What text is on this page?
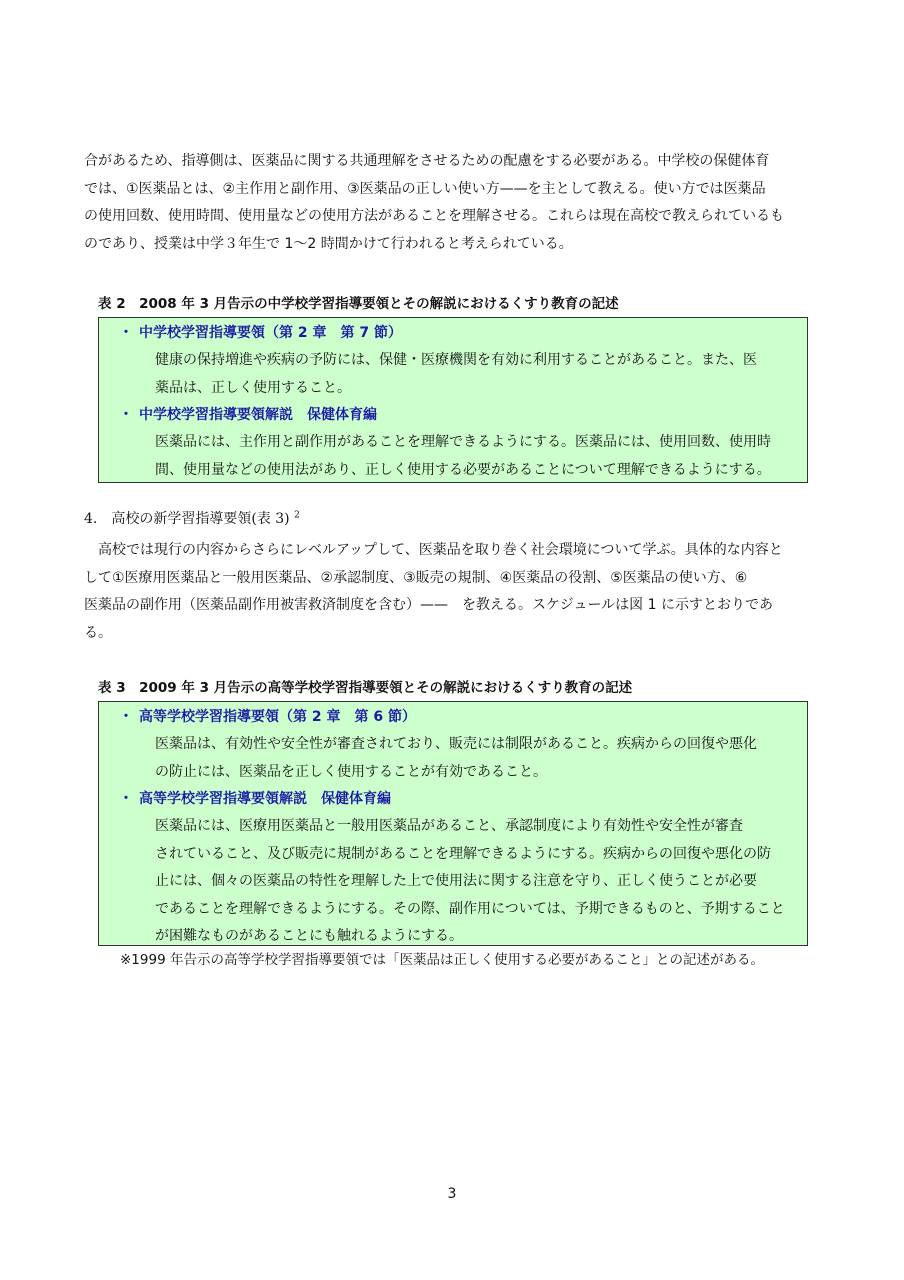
合があるため、指導側は、医薬品に関する共通理解をさせるための配慮をする必要がある。中学校の保健体育
では、①医薬品とは、②主作用と副作用、③医薬品の正しい使い方——を主として教える。使い方では医薬品
の使用回数、使用時間、使用量などの使用方法があることを理解させる。これらは現在高校で教えられているも
のであり、授業は中学３年生で 1～2 時間かけて行われると考えられている。

表 2　2008 年 3 月告示の中学校学習指導要領とその解説におけるくすり教育の記述

・ 中学校学習指導要領（第 2 章　第 7 節）
健康の保持増進や疾病の予防には、保健・医療機関を有効に利用することがあること。また、医
薬品は、正しく使用すること。
・ 中学校学習指導要領解説　保健体育編
医薬品には、主作用と副作用があることを理解できるようにする。医薬品には、使用回数、使用時
間、使用量などの使用法があり、正しく使用する必要があることについて理解できるようにする。

4.　高校の新学習指導要領(表 3) $^2$

　高校では現行の内容からさらにレベルアップして、医薬品を取り巻く社会環境について学ぶ。具体的な内容と
して①医療用医薬品と一般用医薬品、②承認制度、③販売の規制、④医薬品の役割、⑤医薬品の使い方、⑥
医薬品の副作用（医薬品副作用被害救済制度を含む）——　を教える。スケジュールは図 1 に示すとおりであ
る。

表 3　2009 年 3 月告示の高等学校学習指導要領とその解説におけるくすり教育の記述

・ 高等学校学習指導要領（第 2 章　第 6 節）
医薬品は、有効性や安全性が審査されており、販売には制限があること。疾病からの回復や悪化
の防止には、医薬品を正しく使用することが有効であること。
・ 高等学校学習指導要領解説　保健体育編
医薬品には、医療用医薬品と一般用医薬品があること、承認制度により有効性や安全性が審査
されていること、及び販売に規制があることを理解できるようにする。疾病からの回復や悪化の防
止には、個々の医薬品の特性を理解した上で使用法に関する注意を守り、正しく使うことが必要
であることを理解できるようにする。その際、副作用については、予期できるものと、予期すること
が困難なものがあることにも触れるようにする。

※1999 年告示の高等学校学習指導要領では「医薬品は正しく使用する必要があること」との記述がある。

3
